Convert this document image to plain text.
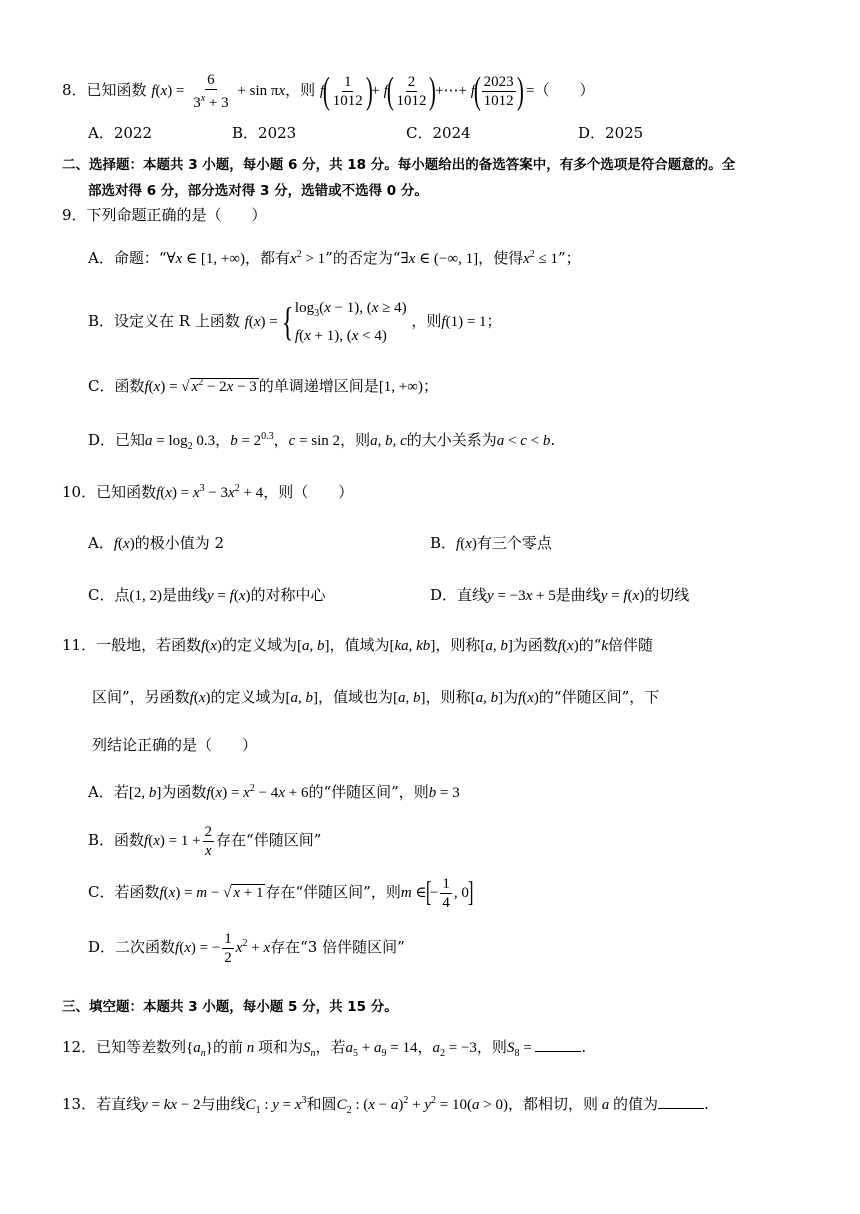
8．已知函数 $f(x) = \frac{6}{3^x + 3} + \sin \pi x$，则 $f( \frac{1}{1012}$ )+ $f( \frac{2}{1012}$ )+⋯+ $f( \frac{2023}{1012}$ ) =（　　）
A．2022	B．2023	C．2024	D．2025
二、选择题：本题共 3 小题，每小题 6 分，共 18 分。每小题给出的备选答案中，有多个选项是符合题意的。全
部选对得 6 分，部分选对得 3 分，选错或不选得 0 分。
9．下列命题正确的是（　　）
A．命题：“∀x ∈ [1, +∞)，都有$x^2 > 1$”的否定为“∃x ∈ (−∞, 1]，使得$x^2 \le 1$”；
B．设定义在 R 上函数 f(x) ={ $\log_3(x - 1)$, (x ≥ 4)
f(x + 1), (x < 4)
，则f(1) = 1；
C．函数f(x) = √ $x^2 - 2x - 3$ 的单调递增区间是[1, +∞)；
D．已知$a = \log_2 0.3$，$b = 2^{0.3}$，c = sin 2，则a, b, c的大小关系为a < c < b.
10．已知函数$f(x) = x^3 - 3x^2 + 4$，则（　　）
A．f(x)的极小值为 2	B．f(x)有三个零点
C．点(1, 2)是曲线y = f(x)的对称中心	D．直线y = −3x + 5是曲线y = f(x)的切线
11．一般地，若函数f(x)的定义域为[a, b]，值域为[ka, kb]，则称[a, b]为函数f(x)的“k倍伴随
区间”，另函数f(x)的定义域为[a, b]，值域也为[a, b]，则称[a, b]为f(x)的“伴随区间”，下
列结论正确的是（　　）
A．若[2, b]为函数$f(x) = x^2 - 4x + 6$的“伴随区间”，则b = 3
B．函数$f(x) = 1 + \frac{2}{x}$ 存在“伴随区间”
C．若函数f(x) = m − √ x + 1 存在“伴随区间”，则m ∈[− $\frac{1}{4}$ , 0]
D．二次函数f(x) = − $\frac{1}{2} x^2 + x$存在“3 倍伴随区间”
三、填空题：本题共 3 小题，每小题 5 分，共 15 分。
12．已知等差数列$\{a_n\}$的前 n 项和为$S_n$，若$a_5 + a_9 = 14$，$a_2 = -3$，则$S_8$ =	.
13．若直线y = kx − 2与曲线$C_1$ : $y = x^3$和圆$C_2$ : $(x - a)^2 + y^2 = 10(a > 0)$，都相切，则 a 的值为	.
